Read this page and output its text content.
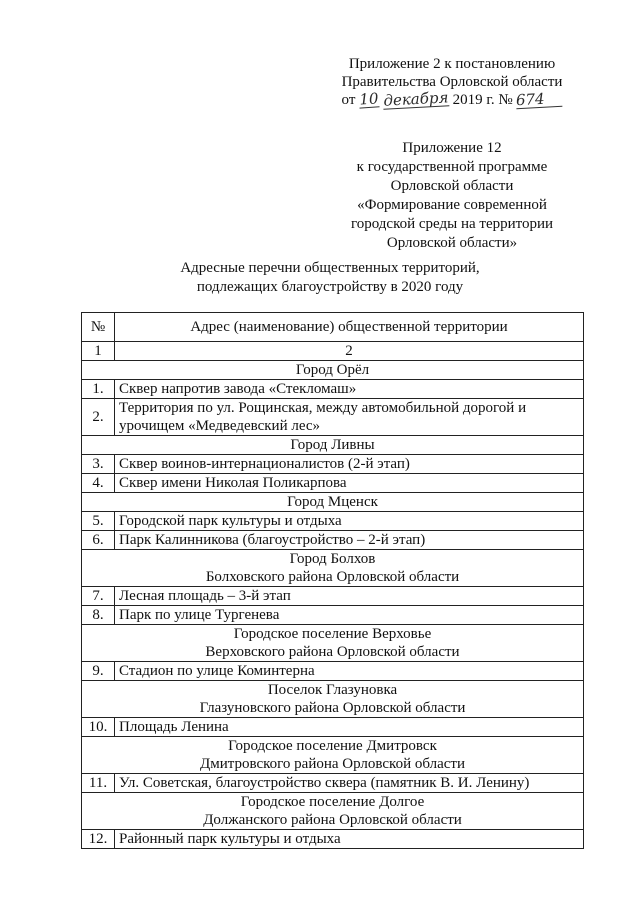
Приложение 2 к постановлению
Правительства Орловской области
от 10 декабря 2019 г. № 674
Приложение 12
к государственной программе
Орловской области
«Формирование современной
городской среды на территории
Орловской области»
Адресные перечни общественных территорий,
подлежащих благоустройству в 2020 году
№	Адрес (наименование) общественной территории
1	2

Город Орёл	

1.	Сквер напротив завода «Стекломаш»
2.	Территория по ул. Рощинская, между автомобильной дорогой и урочищем «Медведевский лес»

Город Ливны	

3.	Сквер воинов-интернационалистов (2-й этап)
4.	Сквер имени Николая Поликарпова

Город Мценск	

5.	Городской парк культуры и отдыха
6.	Парк Калинникова (благоустройство – 2-й этап)

Город Болхов
Болховского района Орловской области	

7.	Лесная площадь – 3-й этап
8.	Парк по улице Тургенева

Городское поселение Верховье
Верховского района Орловской области	

9.	Стадион по улице Коминтерна

Поселок Глазуновка
Глазуновского района Орловской области	

10.	Площадь Ленина

Городское поселение Дмитровск
Дмитровского района Орловской области	

11.	Ул. Советская, благоустройство сквера (памятник В. И. Ленину)

Городское поселение Долгое
Должанского района Орловской области	

12.	Районный парк культуры и отдыха
